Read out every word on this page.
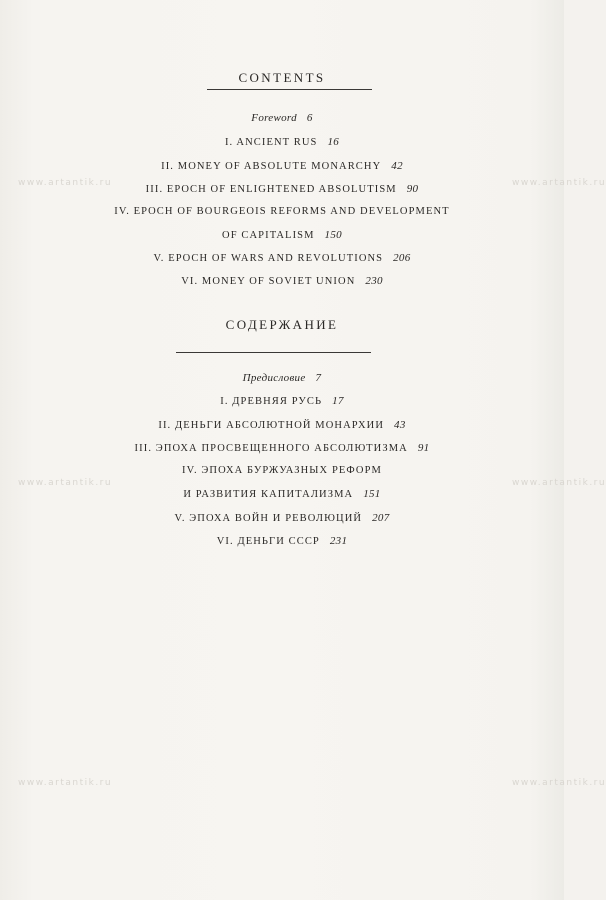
www.artantik.ru	www.artantik.ru
www.artantik.ru	www.artantik.ru
www.artantik.ru	www.artantik.ru
CONTENTS
Foreword 6
I. ANCIENT RUS 16
II. MONEY OF ABSOLUTE MONARCHY 42
III. EPOCH OF ENLIGHTENED ABSOLUTISM 90
IV. EPOCH OF BOURGEOIS REFORMS AND DEVELOPMENT
OF CAPITALISM 150
V. EPOCH OF WARS AND REVOLUTIONS 206
VI. MONEY OF SOVIET UNION 230
СОДЕРЖАНИЕ
Предисловие 7
I. ДРЕВНЯЯ РУСЬ 17
II. ДЕНЬГИ АБСОЛЮТНОЙ МОНАРХИИ 43
III. ЭПОХА ПРОСВЕЩЕННОГО АБСОЛЮТИЗМА 91
IV. ЭПОХА БУРЖУАЗНЫХ РЕФОРМ
И РАЗВИТИЯ КАПИТАЛИЗМА 151
V. ЭПОХА ВОЙН И РЕВОЛЮЦИЙ 207
VI. ДЕНЬГИ СССР 231
